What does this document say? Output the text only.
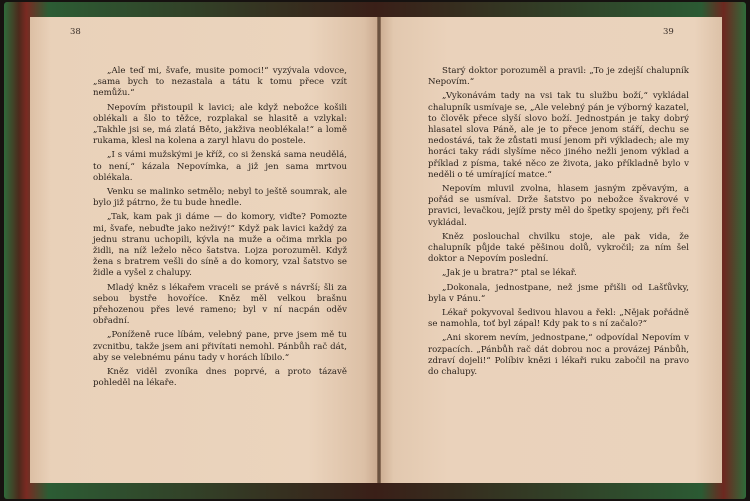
38	39

„Ale teď mi, švafe, musite pomoci!“ vyzývala vdovce, „sama bych to nezastala a tátu k tomu přece vzít nemůžu.“

Nepovím přistoupil k lavici; ale když nebožce košili oblékali a šlo to těžce, rozplakal se hlasitě a vzlykal: „Takhle jsi se, má zlatá Běto, jakživa neoblékala!“ a lomě rukama, klesl na kolena a zaryl hlavu do postele.

„I s vámi mužskými je kříž, co si ženská sama neudělá, to není,“ kázala Nepovímka, a již jen sama mrtvou oblékala.

Venku se malinko setmělo; nebyl to ještě soumrak, ale bylo již pátrno, že tu bude hnedle.

„Tak, kam pak ji dáme — do komory, viďte? Pomozte mi, švafe, nebuďte jako neživý!“ Když pak lavici každý za jednu stranu uchopili, kývla na muže a očima mrkla po židli, na níž leželo něco šatstva. Lojza porozuměl. Když žena s bratrem vešli do síně a do komory, vzal šatstvo se židle a vyšel z chalupy.

Mladý kněz s lékařem vraceli se právě s návrší; šli za sebou bystře hovoříce. Kněz měl velkou brašnu přehozenou přes levé rameno; byl v ní nacpán oděv obřadní.

„Poníženě ruce líbám, velebný pane, prve jsem mě tu zvcnitbu, takže jsem ani přivítati nemohl. Pánbůh rač dát, aby se velebnému pánu tady v horách líbilo.“

Kněz viděl zvoníka dnes poprvé, a proto tázavě pohleděl na lékaře.

Starý doktor porozuměl a pravil: „To je zdejší chalupník Nepovím.“

„Vykonávám tady na vsi tak tu službu boží,“ vykládal chalupník usmívaje se, „Ale velebný pán je výborný kazatel, to člověk přece slyší slovo boží. Jednostpán je taky dobrý hlasatel slova Páně, ale je to přece jenom stáří, dechu se nedostává, tak že zůstati musí jenom při výkladech; ale my horáci taky rádi slyšíme něco jiného nežli jenom výklad a příklad z písma, také něco ze života, jako příkladně bylo v neděli o té umírající matce.“

Nepovím mluvil zvolna, hlasem jasným zpěvavým, a pořád se usmíval. Drže šatstvo po nebožce švakrové v pravici, levačkou, jejíž prsty měl do špetky spojeny, při řeči vykládal.

Kněz poslouchal chvilku stoje, ale pak vida, že chalupník půjde také pěšinou dolů, vykročil; za ním šel doktor a Nepovím poslední.

„Jak je u bratra?“ ptal se lékař.

„Dokonala, jednostpane, než jsme přišli od Lašťůvky, byla v Pánu.“

Lékař pokyvoval šedivou hlavou a řekl: „Nějak pořádně se namohla, toť byl zápal! Kdy pak to s ní začalo?“

„Ani skorem nevím, jednostpane,“ odpovídal Nepovím v rozpacích. „Pánbůh rač dát dobrou noc a provázej Pánbůh, zdraví dojeli!“ Políbiv knězi i lékaři ruku zabočil na pravo do chalupy.
